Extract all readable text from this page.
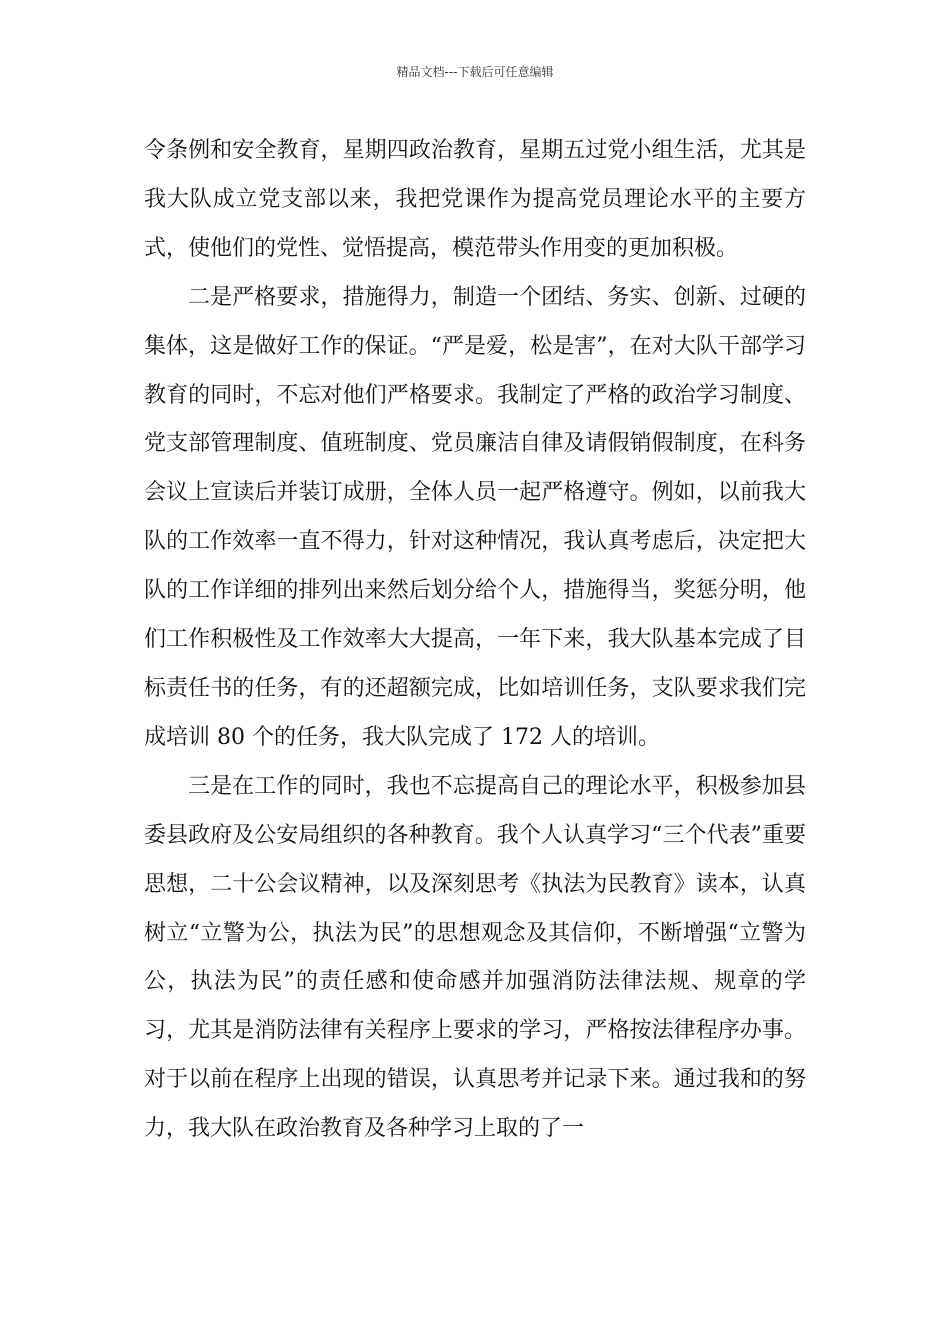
精品文档---下载后可任意编辑

令条例和安全教育，星期四政治教育，星期五过党小组生活，尤其是我大队成立党支部以来，我把党课作为提高党员理论水平的主要方式，使他们的党性、觉悟提高，模范带头作用变的更加积极。

二是严格要求，措施得力，制造一个团结、务实、创新、过硬的集体，这是做好工作的保证。“严是爱，松是害”，在对大队干部学习教育的同时，不忘对他们严格要求。我制定了严格的政治学习制度、党支部管理制度、值班制度、党员廉洁自律及请假销假制度，在科务会议上宣读后并装订成册，全体人员一起严格遵守。例如，以前我大队的工作效率一直不得力，针对这种情况，我认真考虑后，决定把大队的工作详细的排列出来然后划分给个人，措施得当，奖惩分明，他们工作积极性及工作效率大大提高，一年下来，我大队基本完成了目标责任书的任务，有的还超额完成，比如培训任务，支队要求我们完成培训 80 个的任务，我大队完成了 172 人的培训。

三是在工作的同时，我也不忘提高自己的理论水平，积极参加县委县政府及公安局组织的各种教育。我个人认真学习“三个代表”重要思想，二十公会议精神，以及深刻思考《执法为民教育》读本，认真树立“立警为公，执法为民”的思想观念及其信仰，不断增强“立警为公，执法为民”的责任感和使命感并加强消防法律法规、规章的学习，尤其是消防法律有关程序上要求的学习，严格按法律程序办事。对于以前在程序上出现的错误，认真思考并记录下来。通过我和的努力，我大队在政治教育及各种学习上取的了一
